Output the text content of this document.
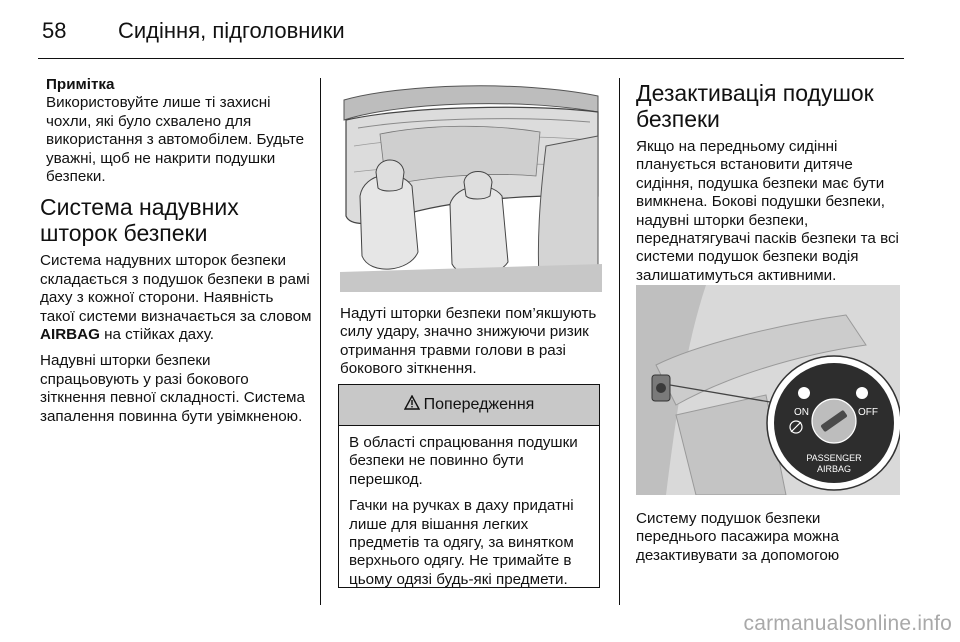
58 Сидіння, підголовники
Примітка

Використовуйте лише ті захисні чохли, які було схвалено для використання з автомобілем. Будьте уважні, щоб не накрити подушки безпеки.

Система надувних шторок безпеки

Система надувних шторок безпеки складається з подушок безпеки в рамі даху з кожної сторони. Наявність такої системи визначається за словом AIRBAG на стійках даху.

Надувні шторки безпеки спрацьовують у разі бокового зіткнення певної складності. Система запалення повинна бути увімкненою.

Надуті шторки безпеки пом’якшують силу удару, значно знижуючи ризик отримання травми голови в разі бокового зіткнення.

Попередження

В області спрацювання подушки безпеки не повинно бути перешкод.

Гачки на ручках в даху придатні лише для вішання легких предметів та одягу, за винятком верхнього одягу. Не тримайте в цьому одязі будь-які предмети.

Дезактивація подушок безпеки

Якщо на передньому сидінні планується встановити дитяче сидіння, подушка безпеки має бути вимкнена. Бокові подушки безпеки, надувні шторки безпеки, переднатягувачі пасків безпеки та всі системи подушок безпеки водія залишатимуться активними.

ON	OFF
PASSENGER
AIRBAG

Систему подушок безпеки переднього пасажира можна дезактивувати за допомогою

carmanualsonline.info
